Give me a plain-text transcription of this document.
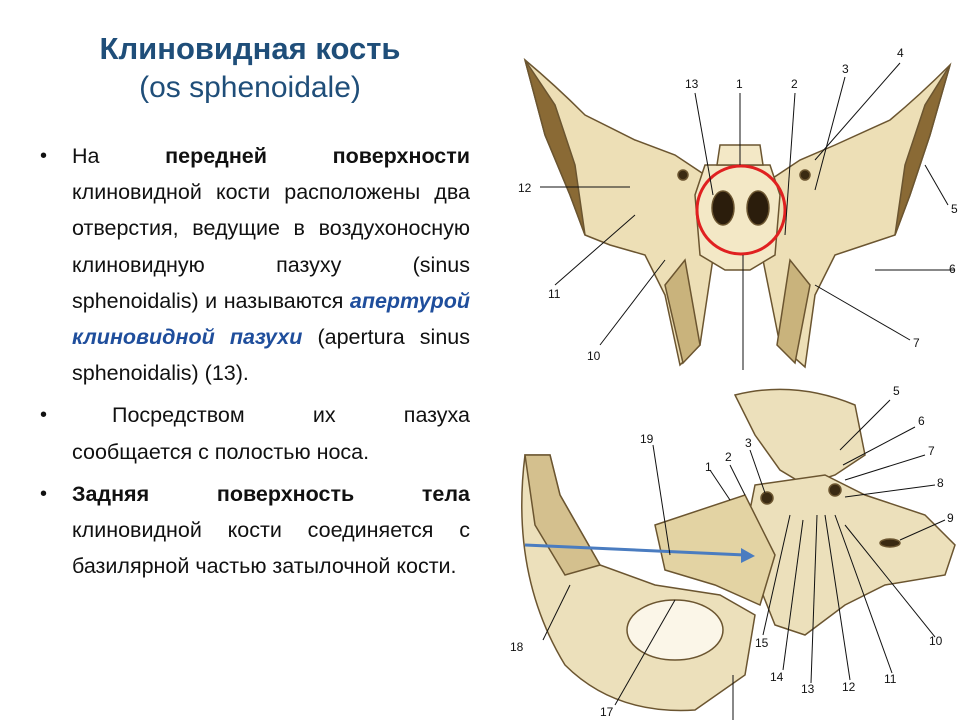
Клиновидная кость
(os sphenoidale)
• На передней поверхности клиновидной кости расположены два отверстия, ведущие в воздухоносную клиновидную пазуху (sinus sphenoidalis) и называются апертурой клиновидной пазухи (apertura sinus sphenoidalis) (13).
•	Посредством их пазуха сообщается с полостью носа.
• Задняя поверхность тела клиновидной кости соединяется с базилярной частью затылочной кости.
13	1	2
3
4
12
5
6
11
7
10
5
6
7
8
9
19	3
2
1
18	15
14
13 12
11
10
17
